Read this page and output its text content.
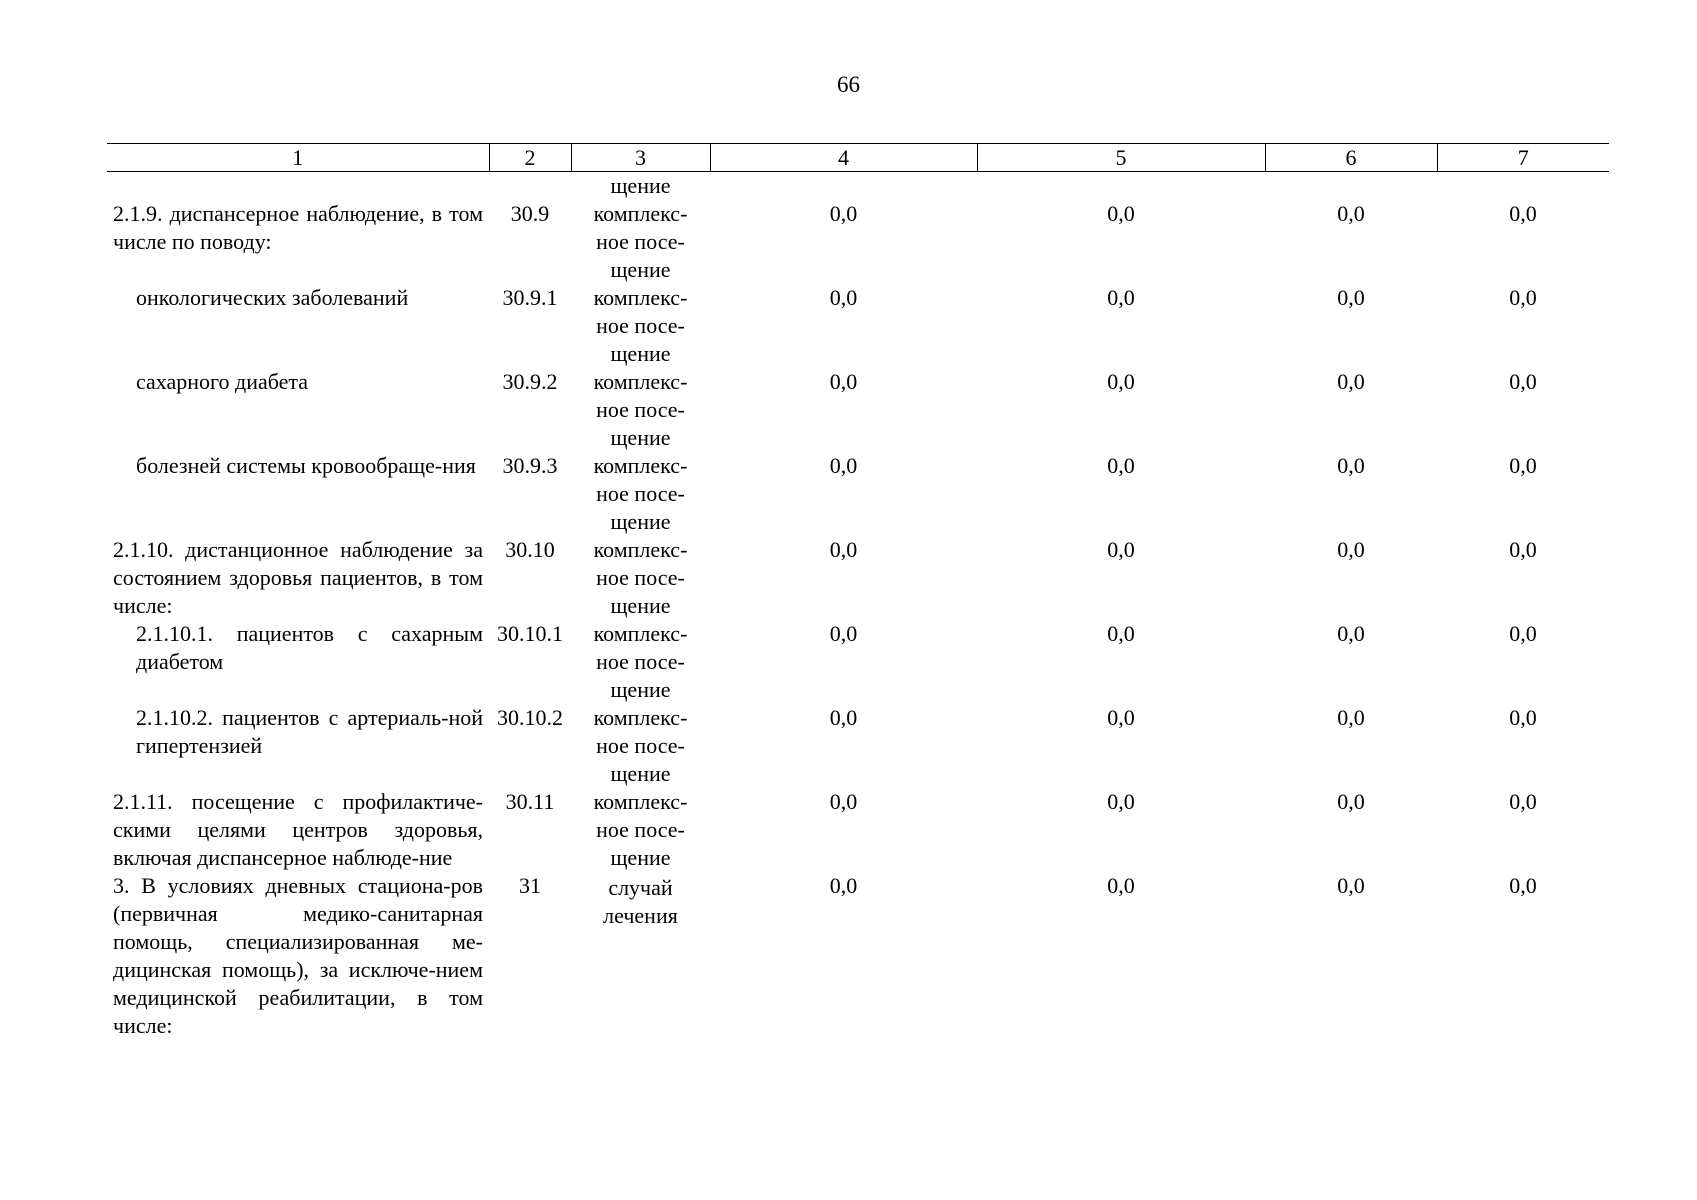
66
1	2	3	4	5	6	7
		щение				
2.1.9. диспансерное наблюдение, в том числе по поводу:	30.9	комплекс-
ное посе-
щение	0,0	0,0	0,0	0,0
онкологических заболеваний	30.9.1	комплекс-
ное посе-
щение	0,0	0,0	0,0	0,0
сахарного диабета	30.9.2	комплекс-
ное посе-
щение	0,0	0,0	0,0	0,0
болезней системы кровообраще-ния	30.9.3	комплекс-
ное посе-
щение	0,0	0,0	0,0	0,0
2.1.10. дистанционное наблюдение за состоянием здоровья пациентов, в том числе:	30.10	комплекс-
ное посе-
щение	0,0	0,0	0,0	0,0
2.1.10.1. пациентов с сахарным диабетом	30.10.1	комплекс-
ное посе-
щение	0,0	0,0	0,0	0,0
2.1.10.2. пациентов с артериаль-ной гипертензией	30.10.2	комплекс-
ное посе-
щение	0,0	0,0	0,0	0,0
2.1.11. посещение с профилактиче-скими целями центров здоровья, включая диспансерное наблюде-ние	30.11	комплекс-
ное посе-
щение	0,0	0,0	0,0	0,0
3. В условиях дневных стациона-ров (первичная медико-санитарная помощь, специализированная ме-дицинская помощь), за исключе-нием медицинской реабилитации, в том числе:	31	случай
лечения	0,0	0,0	0,0	0,0
